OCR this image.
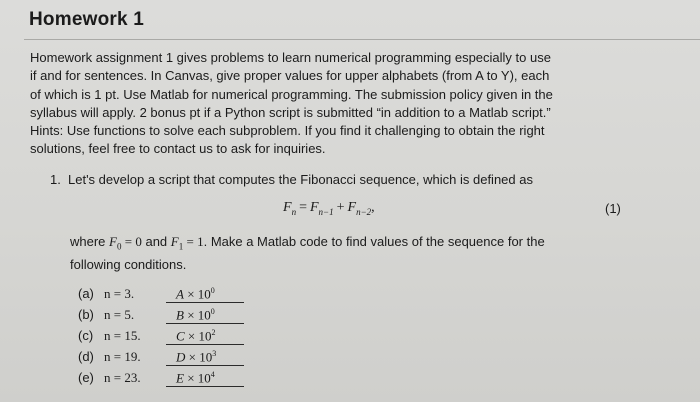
Homework 1
Homework assignment 1 gives problems to learn numerical programming especially to use
if and for sentences. In Canvas, give proper values for upper alphabets (from A to Y), each
of which is 1 pt. Use Matlab for numerical programming. The submission policy given in the
syllabus will apply. 2 bonus pt if a Python script is submitted “in addition to a Matlab script.”
Hints: Use functions to solve each subproblem. If you find it challenging to obtain the right
solutions, feel free to contact us to ask for inquiries.
1. Let's develop a script that computes the Fibonacci sequence, which is defined as
$F_n = F_{n-1} + F_{n-2}$,	(1)
where $F_0 = 0$ and $F_1 = 1$. Make a Matlab code to find values of the sequence for the
following conditions.
(a) n = 3.	$A \times 10^0$
(b) n = 5.	$B \times 10^0$
(c) n = 15.	$C \times 10^2$
(d) n = 19.	$D \times 10^3$
(e) n = 23.	$E \times 10^4$
